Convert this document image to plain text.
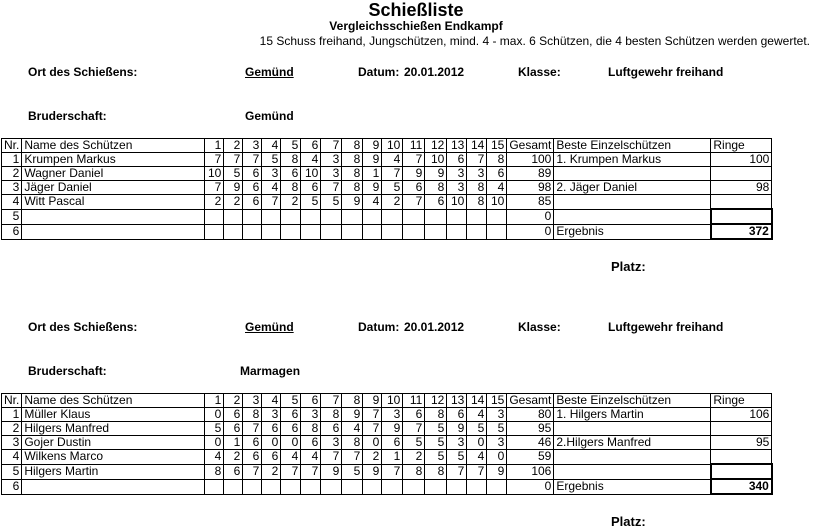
Schießliste
Vergleichsschießen Endkampf
15 Schuss freihand, Jungschützen, mind. 4 - max. 6 Schützen, die 4 besten Schützen werden gewertet.
Ort des Schießens:	Gemünd	Datum: 20.01.2012	Klasse:	Luftgewehr freihand
Bruderschaft:	Gemünd
Nr.	Name des Schützen	1	2	3	4	5	6	7	8	9	10	11	12	13	14	15	Gesamt	Beste Einzelschützen	Ringe
1	Krumpen Markus	7	7	7	5	8	4	3	8	9	4	7	10	6	7	8	100	1. Krumpen Markus	100
2	Wagner Daniel	10	5	6	3	6	10	3	8	1	7	9	9	3	3	6	89		
3	Jäger Daniel	7	9	6	4	8	6	7	8	9	5	6	8	3	8	4	98	2. Jäger Daniel	98
4	Witt Pascal	2	2	6	7	2	5	5	9	4	2	7	6	10	8	10	85		
5																	0		
6																	0	Ergebnis	372
Platz:
Ort des Schießens:	Gemünd	Datum: 20.01.2012	Klasse:	Luftgewehr freihand
Bruderschaft:	Marmagen
Nr.	Name des Schützen	1	2	3	4	5	6	7	8	9	10	11	12	13	14	15	Gesamt	Beste Einzelschützen	Ringe
1	Müller Klaus	0	6	8	3	6	3	8	9	7	3	6	8	6	4	3	80	1. Hilgers Martin	106
2	Hilgers Manfred	5	6	7	6	6	8	6	4	7	9	7	5	9	5	5	95		
3	Gojer Dustin	0	1	6	0	0	6	3	8	0	6	5	5	3	0	3	46	2.Hilgers Manfred	95
4	Wilkens Marco	4	2	6	6	4	4	7	7	2	1	2	5	5	4	0	59		
5	Hilgers Martin	8	6	7	2	7	7	9	5	9	7	8	8	7	7	9	106		
6																	0	Ergebnis	340
Platz:
